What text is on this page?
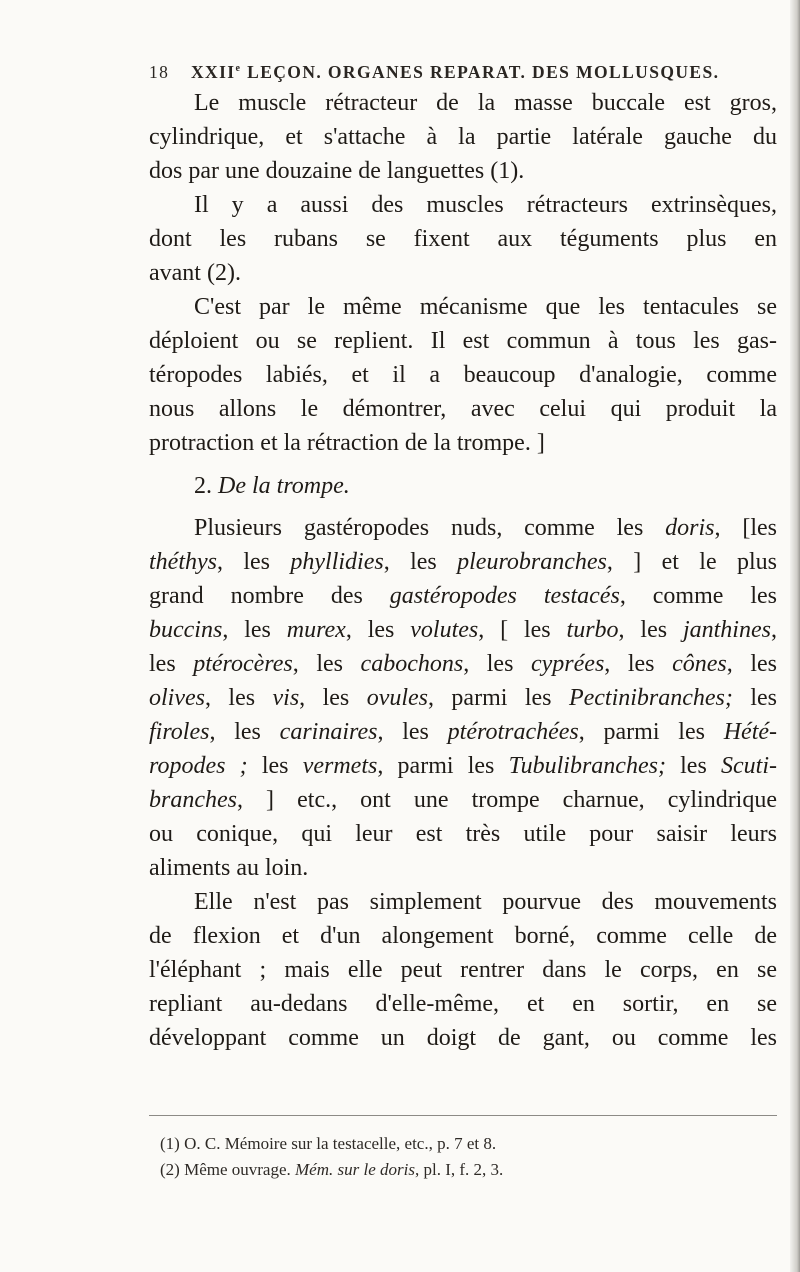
18 XXIIe LEÇON. ORGANES REPARAT. DES MOLLUSQUES.
Le muscle rétracteur de la masse buccale est gros,
cylindrique, et s'attache à la partie latérale gauche du
dos par une douzaine de languettes (1).
Il y a aussi des muscles rétracteurs extrinsèques,
dont les rubans se fixent aux téguments plus en
avant (2).
C'est par le même mécanisme que les tentacules se
déploient ou se replient. Il est commun à tous les gas-
téropodes labiés, et il a beaucoup d'analogie, comme
nous allons le démontrer, avec celui qui produit la
protraction et la rétraction de la trompe. ]
2. De la trompe.
Plusieurs gastéropodes nuds, comme les doris, [les
théthys, les phyllidies, les pleurobranches, ] et le plus
grand nombre des gastéropodes testacés, comme les
buccins, les murex, les volutes, [ les turbo, les janthines,
les ptérocères, les cabochons, les cyprées, les cônes, les
olives, les vis, les ovules, parmi les Pectinibranches; les
firoles, les carinaires, les ptérotrachées, parmi les Hété-
ropodes ; les vermets, parmi les Tubulibranches; les Scuti-
branches, ] etc., ont une trompe charnue, cylindrique
ou conique, qui leur est très utile pour saisir leurs
aliments au loin.
Elle n'est pas simplement pourvue des mouvements
de flexion et d'un alongement borné, comme celle de
l'éléphant ; mais elle peut rentrer dans le corps, en se
repliant au-dedans d'elle-même, et en sortir, en se
développant comme un doigt de gant, ou comme les
(1) O. C. Mémoire sur la testacelle, etc., p. 7 et 8.
(2) Même ouvrage. Mém. sur le doris, pl. I, f. 2, 3.
